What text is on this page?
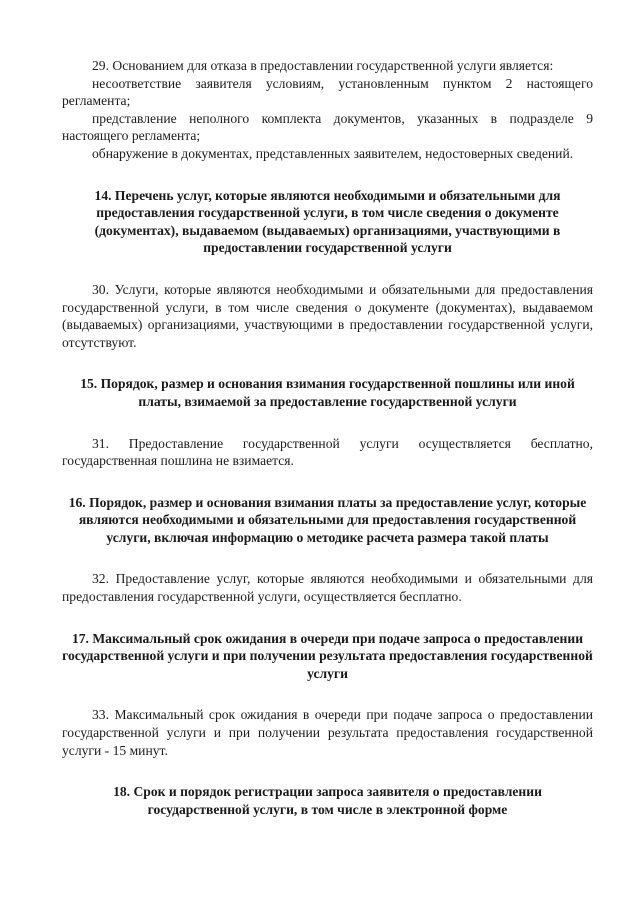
29. Основанием для отказа в предоставлении государственной услуги является:

несоответствие заявителя условиям, установленным пунктом 2 настоящего регламента;

представление неполного комплекта документов, указанных в подразделе 9 настоящего регламента;

обнаружение в документах, представленных заявителем, недостоверных сведений.

14. Перечень услуг, которые являются необходимыми и обязательными для предоставления государственной услуги, в том числе сведения о документе (документах), выдаваемом (выдаваемых) организациями, участвующими в предоставлении государственной услуги

30. Услуги, которые являются необходимыми и обязательными для предоставления государственной услуги, в том числе сведения о документе (документах), выдаваемом (выдаваемых) организациями, участвующими в предоставлении государственной услуги, отсутствуют.

15. Порядок, размер и основания взимания государственной пошлины или иной платы, взимаемой за предоставление государственной услуги

31. Предоставление государственной услуги осуществляется бесплатно, государственная пошлина не взимается.

16. Порядок, размер и основания взимания платы за предоставление услуг, которые являются необходимыми и обязательными для предоставления государственной услуги, включая информацию о методике расчета размера такой платы

32. Предоставление услуг, которые являются необходимыми и обязательными для предоставления государственной услуги, осуществляется бесплатно.

17. Максимальный срок ожидания в очереди при подаче запроса о предоставлении государственной услуги и при получении результата предоставления государственной услуги

33. Максимальный срок ожидания в очереди при подаче запроса о предоставлении государственной услуги и при получении результата предоставления государственной услуги - 15 минут.

18. Срок и порядок регистрации запроса заявителя о предоставлении государственной услуги, в том числе в электронной форме
